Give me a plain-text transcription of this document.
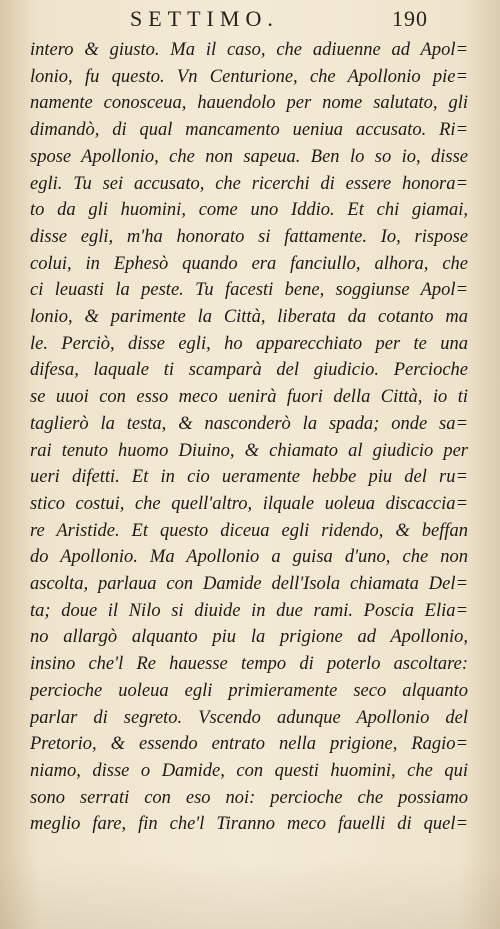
SETTIMO.	190
intero & giusto. Ma il caso, che adiuenne ad Apol=
lonio, fu questo. Vn Centurione, che Apollonio pie=
namente conosceua, hauendolo per nome salutato, gli
dimandò, di qual mancamento ueniua accusato. Ri=
spose Apollonio, che non sapeua. Ben lo so io, disse
egli. Tu sei accusato, che ricerchi di essere honora=
to da gli huomini, come uno Iddio. Et chi giamai,
disse egli, m'ha honorato si fattamente. Io, rispose
colui, in Ephesò quando era fanciullo, alhora, che
ci leuasti la peste. Tu facesti bene, soggiunse Apol=
lonio, & parimente la Città, liberata da cotanto ma
le. Perciò, disse egli, ho apparecchiato per te una
difesa, laquale ti scamparà del giudicio. Percioche
se uuoi con esso meco uenirà fuori della Città, io ti
taglierò la testa, & nasconderò la spada; onde sa=
rai tenuto huomo Diuino, & chiamato al giudicio per
ueri difetti. Et in cio ueramente hebbe piu del ru=
stico costui, che quell'altro, ilquale uoleua discaccia=
re Aristide. Et questo diceua egli ridendo, & beffan
do Apollonio. Ma Apollonio a guisa d'uno, che non
ascolta, parlaua con Damide dell'Isola chiamata Del=
ta; doue il Nilo si diuide in due rami. Poscia Elia=
no allargò alquanto piu la prigione ad Apollonio,
insino che'l Re hauesse tempo di poterlo ascoltare:
percioche uoleua egli primieramente seco alquanto
parlar di segreto. Vscendo adunque Apollonio del
Pretorio, & essendo entrato nella prigione, Ragio=
niamo, disse o Damide, con questi huomini, che qui
sono serrati con eso noi: percioche che possiamo
meglio fare, fin che'l Tiranno meco fauelli di quel=
